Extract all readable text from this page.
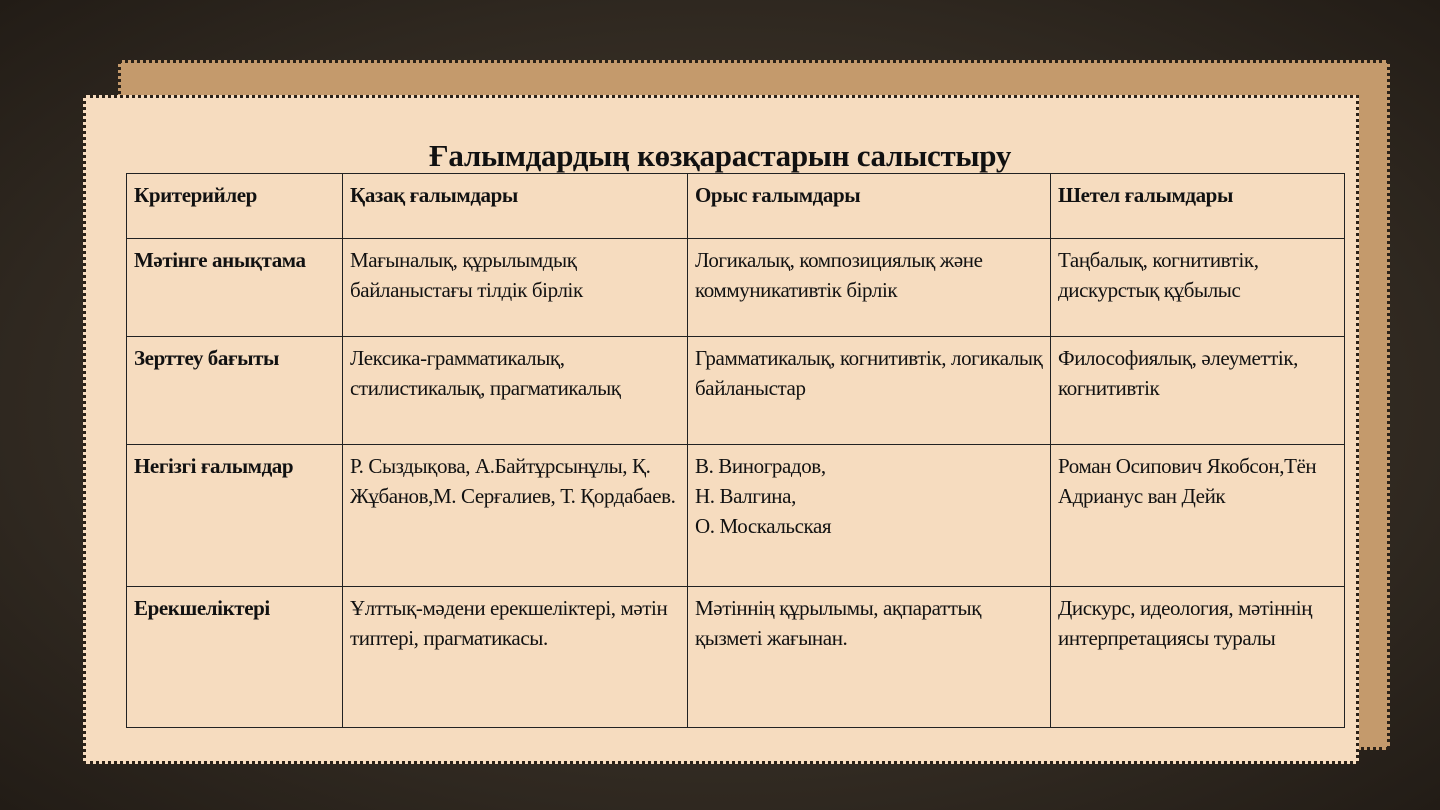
Ғалымдардың көзқарастарын салыстыру
Критерийлер	Қазақ ғалымдары	Орыс ғалымдары	Шетел ғалымдары
Мәтінге анықтама	Мағыналық, құрылымдық байланыстағы тілдік бірлік	Логикалық, композициялық және коммуникативтік бірлік	Таңбалық, когнитивтік, дискурстық құбылыс
Зерттеу бағыты	Лексика-грамматикалық, стилистикалық, прагматикалық	Грамматикалық, когнитивтік, логикалық байланыстар	Философиялық, әлеуметтік, когнитивтік
Негізгі ғалымдар	Р. Сыздықова, А.Байтұрсынұлы, Қ. Жұбанов,М. Серғалиев, Т. Қордабаев.	В. Виноградов,
Н. Валгина,
О. Москальская	Роман Осипович Якобсон,Тён Адрианус ван Дейк
Ерекшеліктері	Ұлттық-мәдени ерекшеліктері, мәтін типтері, прагматикасы.	Мәтіннің құрылымы, ақпараттық қызметі жағынан.	Дискурс, идеология, мәтіннің интерпретациясы туралы
